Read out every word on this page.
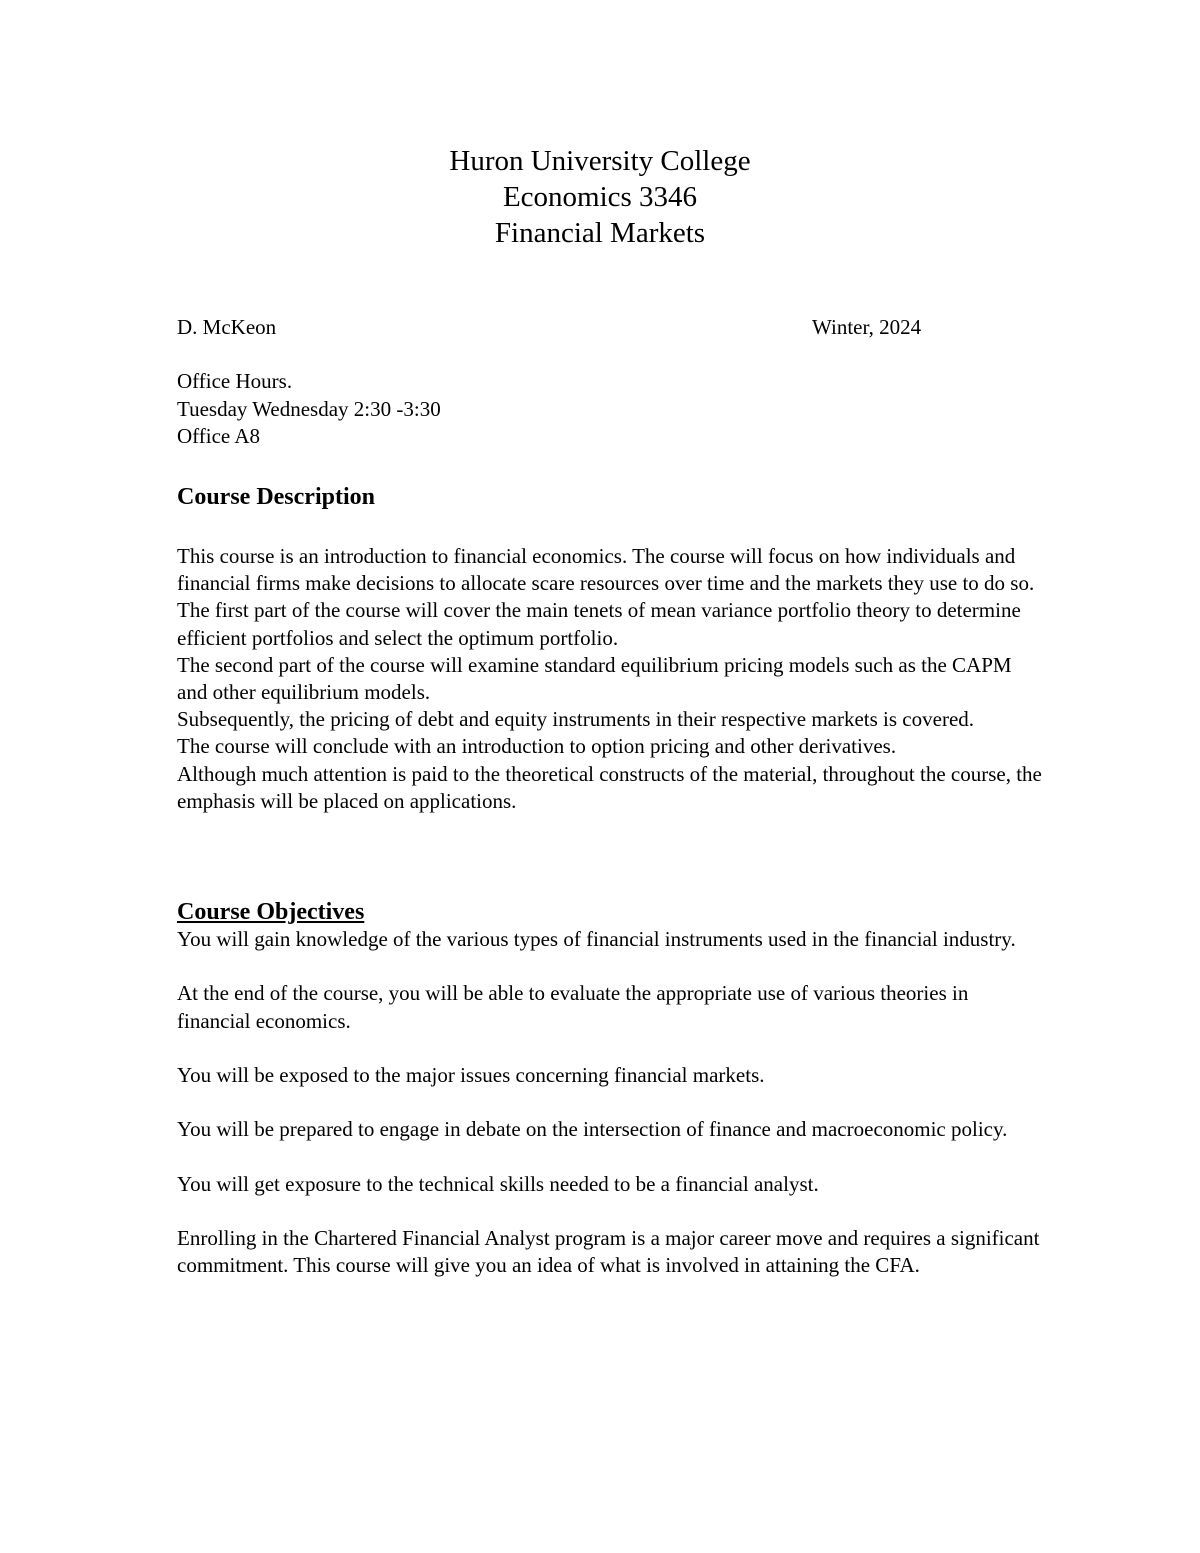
Huron University College
Economics 3346
Financial Markets
D. McKeon	Winter, 2024
Office Hours.
Tuesday Wednesday 2:30 -3:30
Office A8
Course Description
This course is an introduction to financial economics. The course will focus on how individuals and financial firms make decisions to allocate scare resources over time and the markets they use to do so.
The first part of the course will cover the main tenets of mean variance portfolio theory to determine efficient portfolios and select the optimum portfolio.
The second part of the course will examine standard equilibrium pricing models such as the CAPM and other equilibrium models.
Subsequently, the pricing of debt and equity instruments in their respective markets is covered.
The course will conclude with an introduction to option pricing and other derivatives.
Although much attention is paid to the theoretical constructs of the material, throughout the course, the emphasis will be placed on applications.
Course Objectives
You will gain knowledge of the various types of financial instruments used in the financial industry.
At the end of the course, you will be able to evaluate the appropriate use of various theories in financial economics.
You will be exposed to the major issues concerning financial markets.
You will be prepared to engage in debate on the intersection of finance and macroeconomic policy.
You will get exposure to the technical skills needed to be a financial analyst.
Enrolling in the Chartered Financial Analyst program is a major career move and requires a significant commitment. This course will give you an idea of what is involved in attaining the CFA.
